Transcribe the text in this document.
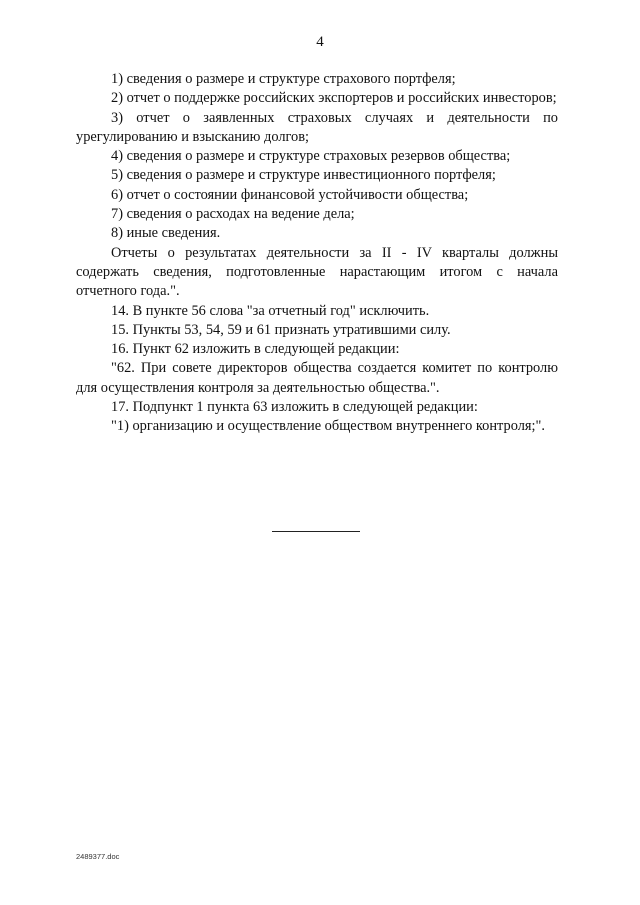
4

1) сведения о размере и структуре страхового портфеля;

2) отчет о поддержке российских экспортеров и российских инвесторов;

3) отчет о заявленных страховых случаях и деятельности по урегулированию и взысканию долгов;

4) сведения о размере и структуре страховых резервов общества;

5) сведения о размере и структуре инвестиционного портфеля;

6) отчет о состоянии финансовой устойчивости общества;

7) сведения о расходах на ведение дела;

8) иные сведения.

Отчеты о результатах деятельности за II - IV кварталы должны содержать сведения, подготовленные нарастающим итогом с начала отчетного года.".

14. В пункте 56 слова "за отчетный год" исключить.

15. Пункты 53, 54, 59 и 61 признать утратившими силу.

16. Пункт 62 изложить в следующей редакции:

"62. При совете директоров общества создается комитет по контролю для осуществления контроля за деятельностью общества.".

17. Подпункт 1 пункта 63 изложить в следующей редакции:

"1) организацию и осуществление обществом внутреннего контроля;".

2489377.doc
